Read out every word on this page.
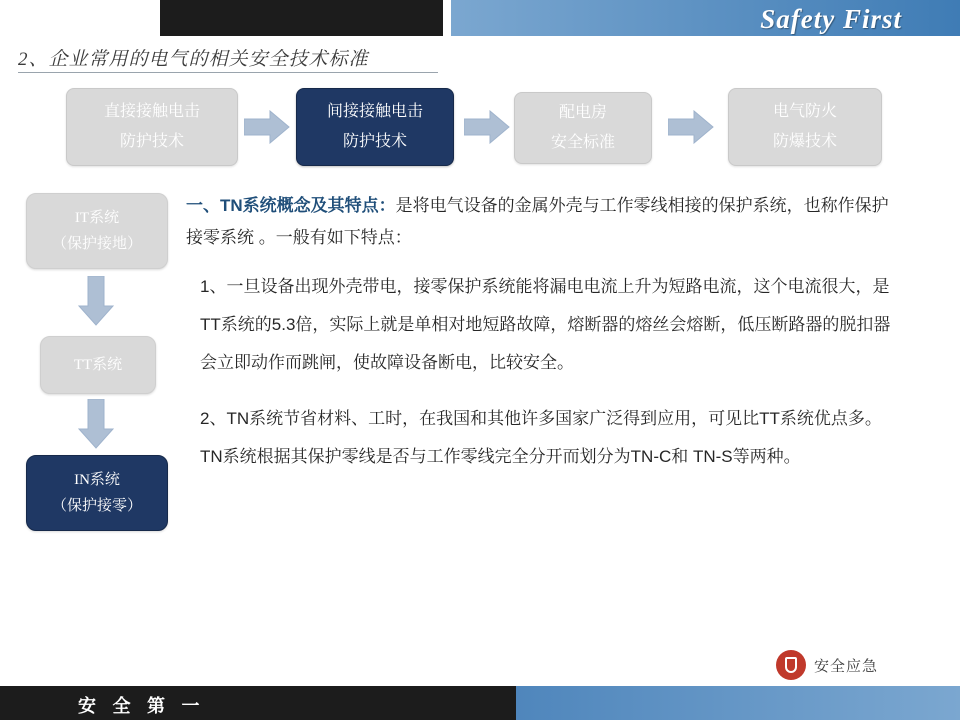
Safety First
2、企业常用的电气的相关安全技术标准
直接接触电击
防护技术
间接接触电击
防护技术
配电房
安全标准
电气防火
防爆技术
IT系统
（保护接地）
TT系统
IN系统
（保护接零）

一、TN系统概念及其特点：是将电气设备的金属外壳与工作零线相接的保护系统，也称作保护接零系统 。一般有如下特点：

1、一旦设备出现外壳带电，接零保护系统能将漏电电流上升为短路电流，这个电流很大，是TT系统的5.3倍，实际上就是单相对地短路故障，熔断器的熔丝会熔断，低压断路器的脱扣器会立即动作而跳闸，使故障设备断电，比较安全。

2、TN系统节省材料、工时，在我国和其他许多国家广泛得到应用，可见比TT系统优点多。TN系统根据其保护零线是否与工作零线完全分开而划分为TN-C和 TN-S等两种。

安全应急
安 全 第 一
